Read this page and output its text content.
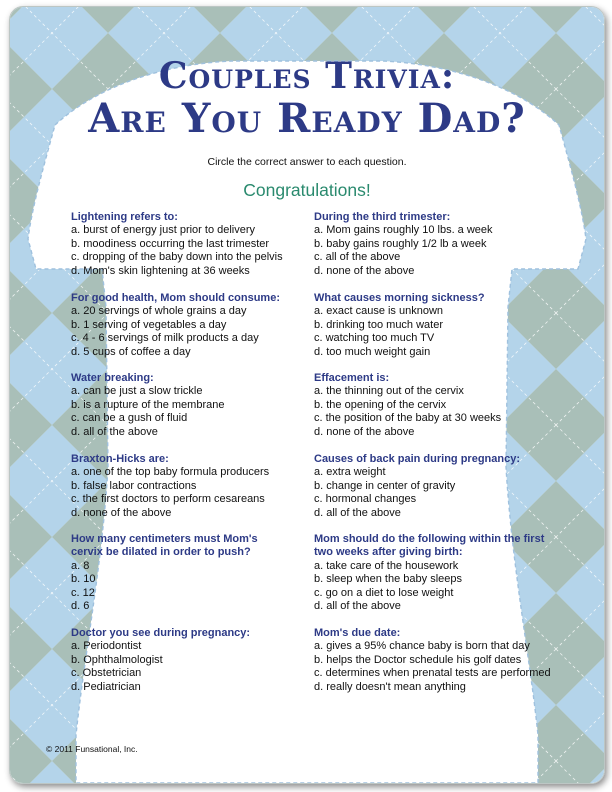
Couples Trivia:
Are You Ready Dad?
Circle the correct answer to each question.
Congratulations!
Lightening refers to:
a. burst of energy just prior to delivery
b. moodiness occurring the last trimester
c. dropping of the baby down into the pelvis
d. Mom's skin lightening at 36 weeks
For good health, Mom should consume:
a. 20 servings of whole grains a day
b. 1 serving of vegetables a day
c. 4 - 6 servings of milk products a day
d. 5 cups of coffee a day
Water breaking:
a. can be just a slow trickle
b. is a rupture of the membrane
c. can be a gush of fluid
d. all of the above
Braxton-Hicks are:
a. one of the top baby formula producers
b. false labor contractions
c. the first doctors to perform cesareans
d. none of the above
How many centimeters must Mom's cervix be dilated in order to push?
a. 8
b. 10
c. 12
d. 6
Doctor you see during pregnancy:
a. Periodontist
b. Ophthalmologist
c. Obstetrician
d. Pediatrician
During the third trimester:
a. Mom gains roughly 10 lbs. a week
b. baby gains roughly 1/2 lb a week
c. all of the above
d. none of the above
What causes morning sickness?
a. exact cause is unknown
b. drinking too much water
c. watching too much TV
d. too much weight gain
Effacement is:
a. the thinning out of the cervix
b. the opening of the cervix
c. the position of the baby at 30 weeks
d. none of the above
Causes of back pain during pregnancy:
a. extra weight
b. change in center of gravity
c. hormonal changes
d. all of the above
Mom should do the following within the first two weeks after giving birth:
a. take care of the housework
b. sleep when the baby sleeps
c. go on a diet to lose weight
d. all of the above
Mom's due date:
a. gives a 95% chance baby is born that day
b. helps the Doctor schedule his golf dates
c. determines when prenatal tests are performed
d. really doesn't mean anything
© 2011 Funsational, Inc.
